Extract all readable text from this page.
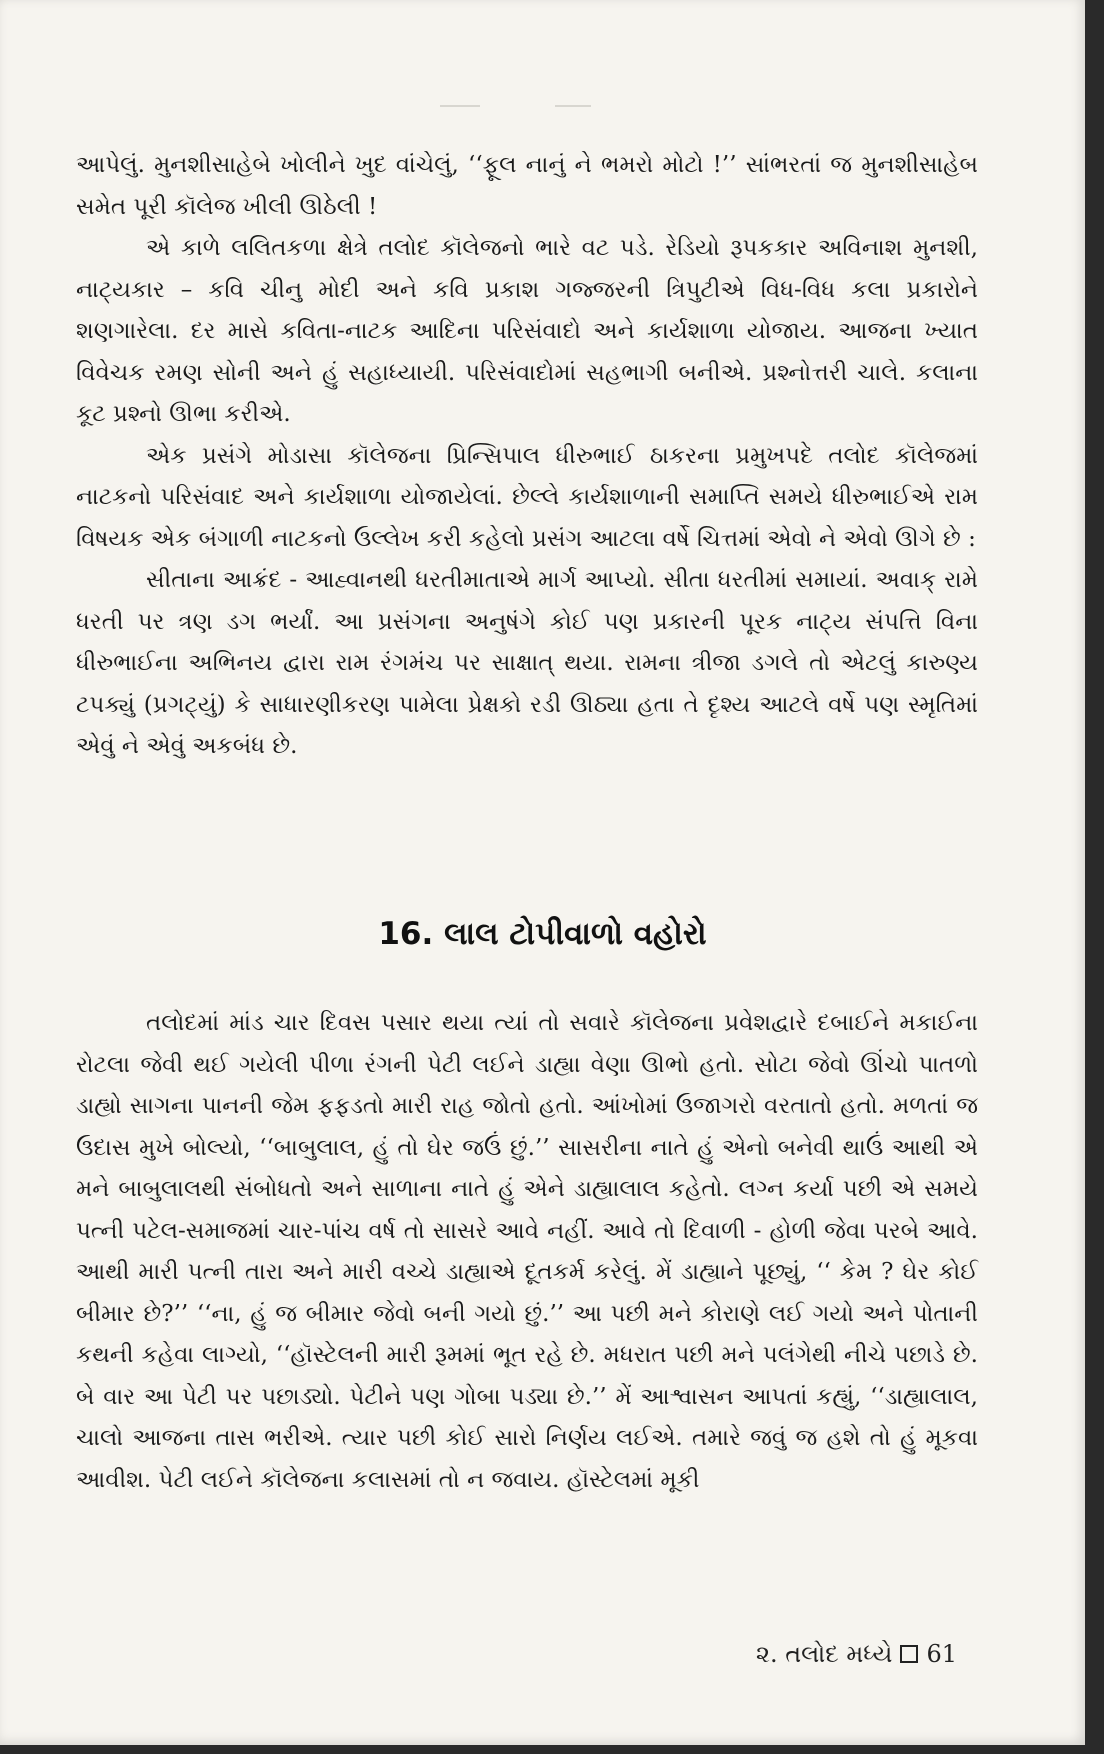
આપેલું. મુનશીસાહેબે ખોલીને ખુદ વાંચેલું, ‘‘ફૂલ નાનું ને ભમરો મોટો !’’ સાંભરતાં જ મુનશીસાહેબ સમેત પૂરી કૉલેજ ખીલી ઊઠેલી !

એ કાળે લલિતકળા ક્ષેત્રે તલોદ કૉલેજનો ભારે વટ પડે. રેડિયો રૂપકકાર અવિનાશ મુનશી, નાટ્યકાર – કવિ ચીનુ મોદી અને કવિ પ્રકાશ ગજ્જરની ત્રિપુટીએ વિધ-વિધ કલા પ્રકારોને શણગારેલા. દર માસે કવિતા-નાટક આદિના પરિસંવાદો અને કાર્યશાળા યોજાય. આજના ખ્યાત વિવેચક રમણ સોની અને હું સહાધ્યાયી. પરિસંવાદોમાં સહભાગી બનીએ. પ્રશ્નોત્તરી ચાલે. કલાના કૂટ પ્રશ્નો ઊભા કરીએ.

એક પ્રસંગે મોડાસા કૉલેજના પ્રિન્સિપાલ ધીરુભાઈ ઠાકરના પ્રમુખપદે તલોદ કૉલેજમાં નાટકનો પરિસંવાદ અને કાર્યશાળા યોજાયેલાં. છેલ્લે કાર્યશાળાની સમાપ્તિ સમયે ધીરુભાઈએ રામ વિષયક એક બંગાળી નાટકનો ઉલ્લેખ કરી કહેલો પ્રસંગ આટલા વર્ષે ચિત્તમાં એવો ને એવો ઊગે છે :

સીતાના આક્રંદ - આહ્વાનથી ધરતીમાતાએ માર્ગ આપ્યો. સીતા ધરતીમાં સમાયાં. અવાક્ રામે ધરતી પર ત્રણ ડગ ભર્યાં. આ પ્રસંગના અનુષંગે કોઈ પણ પ્રકારની પૂરક નાટ્ય સંપત્તિ વિના ધીરુભાઈના અભિનય દ્વારા રામ રંગમંચ પર સાક્ષાત્ થયા. રામના ત્રીજા ડગલે તો એટલું કારુણ્ય ટપક્યું (પ્રગટ્યું) કે સાધારણીકરણ પામેલા પ્રેક્ષકો રડી ઊઠ્યા હતા તે દૃશ્ય આટલે વર્ષે પણ સ્મૃતિમાં એવું ને એવું અકબંધ છે.

16. લાલ ટોપીવાળો વહોરો

તલોદમાં માંડ ચાર દિવસ પસાર થયા ત્યાં તો સવારે કૉલેજના પ્રવેશદ્વારે દબાઈને મકાઈના રોટલા જેવી થઈ ગયેલી પીળા રંગની પેટી લઈને ડાહ્યા વેણા ઊભો હતો. સોટા જેવો ઊંચો પાતળો ડાહ્યો સાગના પાનની જેમ ફફડતો મારી રાહ જોતો હતો. આંખોમાં ઉજાગરો વરતાતો હતો. મળતાં જ ઉદાસ મુખે બોલ્યો, ‘‘બાબુલાલ, હું તો ઘેર જઉં છું.’’ સાસરીના નાતે હું એનો બનેવી થાઉં આથી એ મને બાબુલાલથી સંબોધતો અને સાળાના નાતે હું એને ડાહ્યાલાલ કહેતો. લગ્ન કર્યા પછી એ સમયે પત્ની પટેલ-સમાજમાં ચાર-પાંચ વર્ષ તો સાસરે આવે નહીં. આવે તો દિવાળી - હોળી જેવા પરબે આવે. આથી મારી પત્ની તારા અને મારી વચ્ચે ડાહ્યાએ દૂતકર્મ કરેલું. મેં ડાહ્યાને પૂછ્યું, ‘‘ કેમ ? ઘેર કોઈ બીમાર છે?’’ ‘‘ના, હું જ બીમાર જેવો બની ગયો છું.’’ આ પછી મને કોરાણે લઈ ગયો અને પોતાની કથની કહેવા લાગ્યો, ‘‘હૉસ્ટેલની મારી રૂમમાં ભૂત રહે છે. મધરાત પછી મને પલંગેથી નીચે પછાડે છે. બે વાર આ પેટી પર પછાડ્યો. પેટીને પણ ગોબા પડ્યા છે.’’ મેં આશ્વાસન આપતાં કહ્યું, ‘‘ડાહ્યાલાલ, ચાલો આજના તાસ ભરીએ. ત્યાર પછી કોઈ સારો નિર્ણય લઈએ. તમારે જવું જ હશે તો હું મૂકવા આવીશ. પેટી લઈને કૉલેજના કલાસમાં તો ન જવાય. હૉસ્ટેલમાં મૂકી

૨. તલોદ મધ્યે 61
